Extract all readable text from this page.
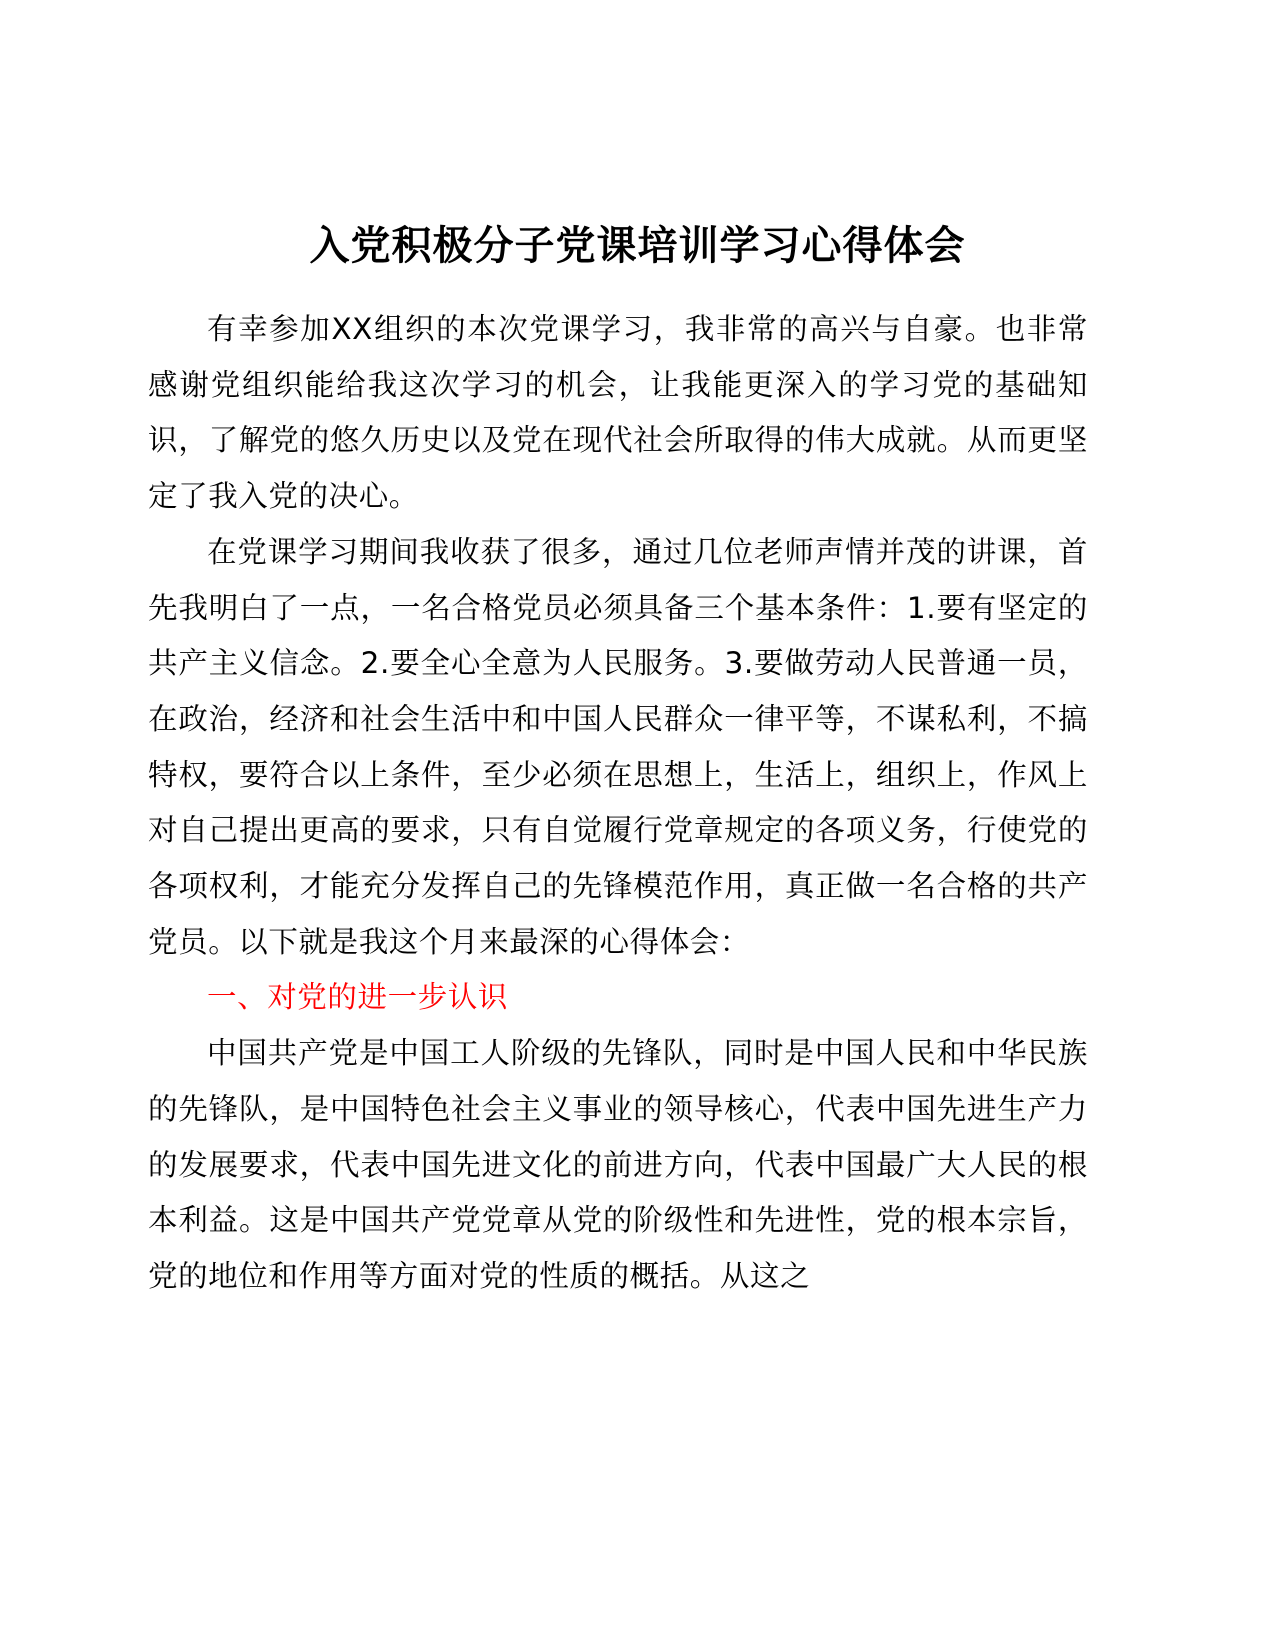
入党积极分子党课培训学习心得体会

有幸参加XX组织的本次党课学习，我非常的高兴与自豪。也非常感谢党组织能给我这次学习的机会，让我能更深入的学习党的基础知识，了解党的悠久历史以及党在现代社会所取得的伟大成就。从而更坚定了我入党的决心。

在党课学习期间我收获了很多，通过几位老师声情并茂的讲课，首先我明白了一点，一名合格党员必须具备三个基本条件：1.要有坚定的共产主义信念。2.要全心全意为人民服务。3.要做劳动人民普通一员，在政治，经济和社会生活中和中国人民群众一律平等，不谋私利，不搞特权，要符合以上条件，至少必须在思想上，生活上，组织上，作风上对自己提出更高的要求，只有自觉履行党章规定的各项义务，行使党的各项权利，才能充分发挥自己的先锋模范作用，真正做一名合格的共产党员。以下就是我这个月来最深的心得体会：

一、对党的进一步认识

中国共产党是中国工人阶级的先锋队，同时是中国人民和中华民族的先锋队，是中国特色社会主义事业的领导核心，代表中国先进生产力的发展要求，代表中国先进文化的前进方向，代表中国最广大人民的根本利益。这是中国共产党党章从党的阶级性和先进性，党的根本宗旨，党的地位和作用等方面对党的性质的概括。从这之
